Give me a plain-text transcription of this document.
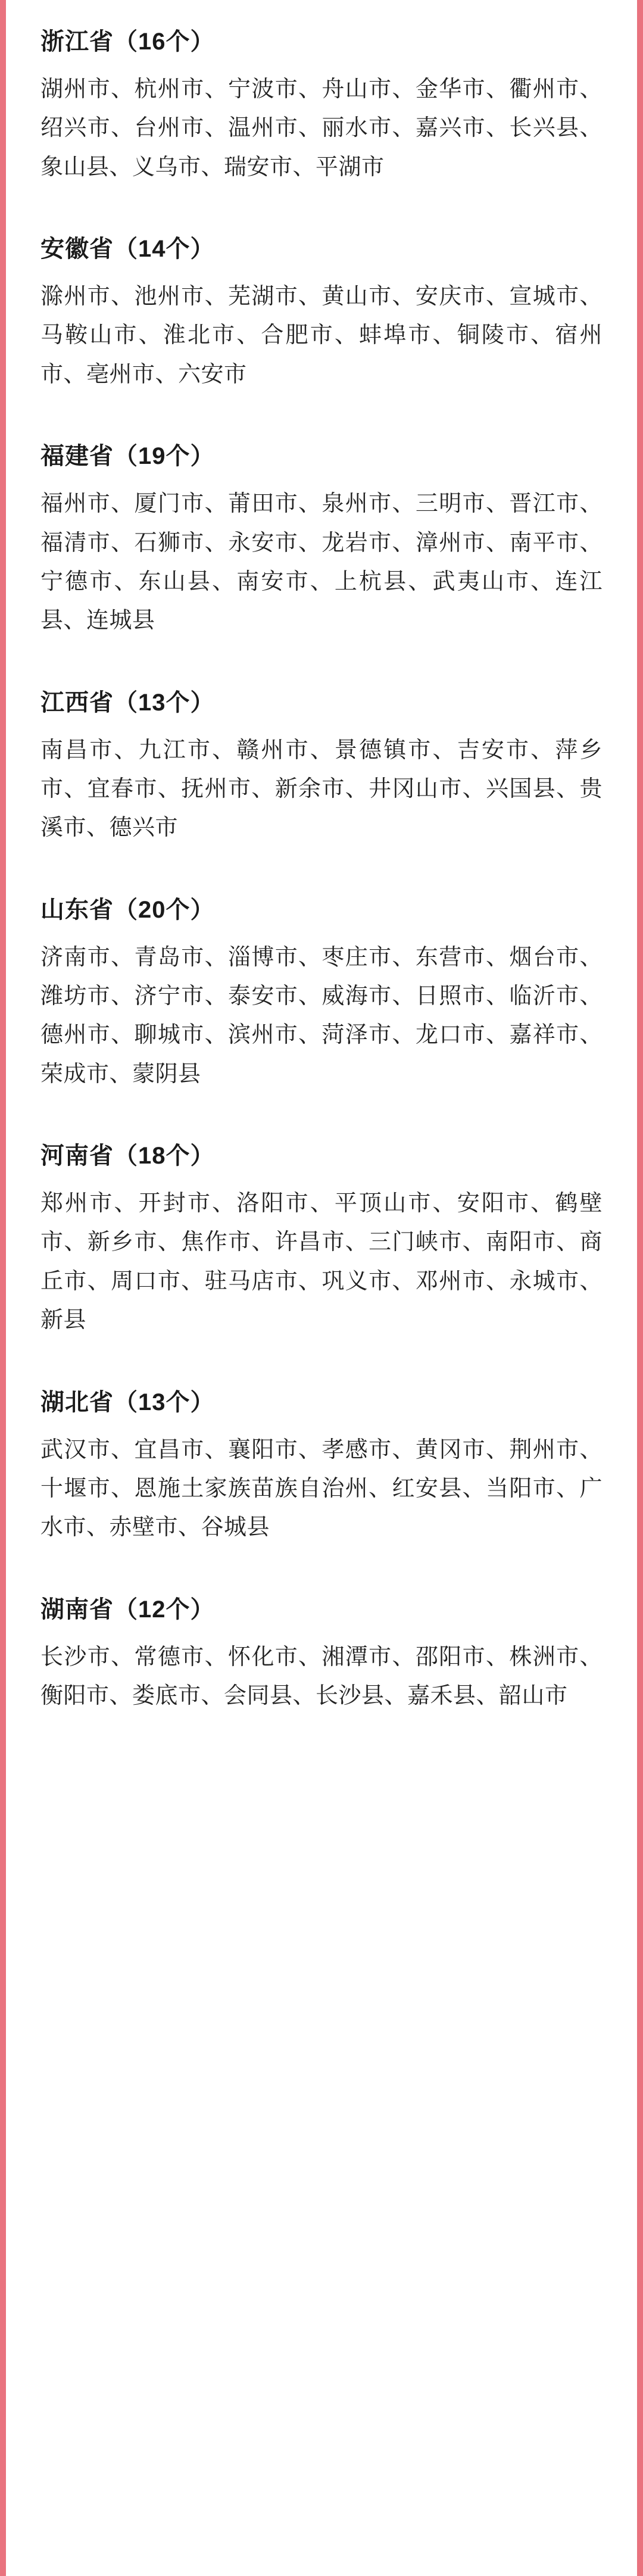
浙江省（16个）

湖州市、杭州市、宁波市、舟山市、金华市、衢州市、绍兴市、台州市、温州市、丽水市、嘉兴市、长兴县、象山县、义乌市、瑞安市、平湖市

安徽省（14个）

滁州市、池州市、芜湖市、黄山市、安庆市、宣城市、马鞍山市、淮北市、合肥市、蚌埠市、铜陵市、宿州市、亳州市、六安市

福建省（19个）

福州市、厦门市、莆田市、泉州市、三明市、晋江市、福清市、石狮市、永安市、龙岩市、漳州市、南平市、宁德市、东山县、南安市、上杭县、武夷山市、连江县、连城县

江西省（13个）

南昌市、九江市、赣州市、景德镇市、吉安市、萍乡市、宜春市、抚州市、新余市、井冈山市、兴国县、贵溪市、德兴市

山东省（20个）

济南市、青岛市、淄博市、枣庄市、东营市、烟台市、潍坊市、济宁市、泰安市、威海市、日照市、临沂市、德州市、聊城市、滨州市、菏泽市、龙口市、嘉祥市、荣成市、蒙阴县

河南省（18个）

郑州市、开封市、洛阳市、平顶山市、安阳市、鹤壁市、新乡市、焦作市、许昌市、三门峡市、南阳市、商丘市、周口市、驻马店市、巩义市、邓州市、永城市、新县

湖北省（13个）

武汉市、宜昌市、襄阳市、孝感市、黄冈市、荆州市、十堰市、恩施土家族苗族自治州、红安县、当阳市、广水市、赤壁市、谷城县

湖南省（12个）

长沙市、常德市、怀化市、湘潭市、邵阳市、株洲市、衡阳市、娄底市、会同县、长沙县、嘉禾县、韶山市
